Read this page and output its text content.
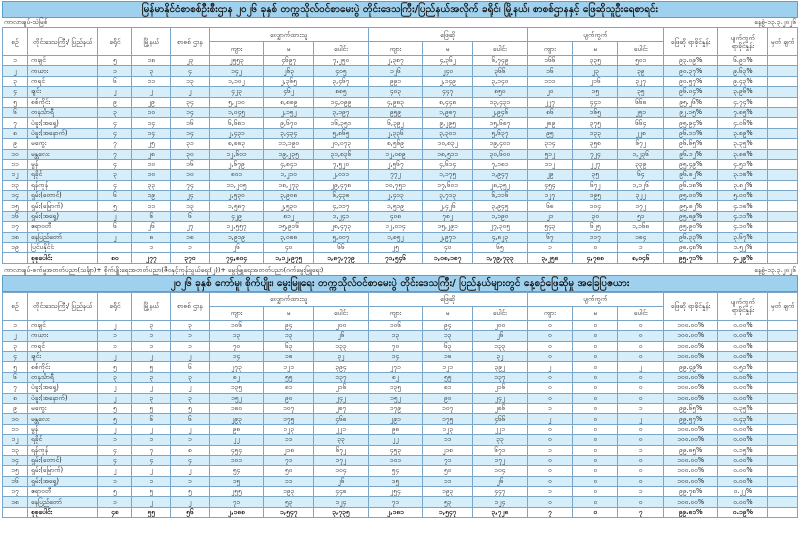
မြန်မာနိုင်ငံစာစစ်ဦးစီးဌာန ၂၀၂၆ ခုနှစ် တက္ကသိုလ်ဝင်စာမေးပွဲ တိုင်းဒေသကြီး/ပြည်နယ်အလိုက် ခရိုင်၊ မြို့နယ်၊ စာစစ်ဌာနနှင့် ဖြေဆိုသူဦးရေစာရင်း
ကာလာချပ်-သဲမြစ်	နေ့စွဲ-၁၃.၃.၂၀၂၆
စဉ်	တိုင်းဒေသကြီး/ ပြည်နယ်	ခရိုင်	မြို့နယ်	စာစစ် ဌာန	လျှောက်ထားသူ			ဖြေဆို			ပျက်ကွက်			ဖြေဆို ရာခိုင်နှုန်း	ပျက်ကွက် ရာခိုင်နှုန်း	မှတ် ချက်
					ကျား	မ	ပေါင်း	ကျား	မ	ပေါင်း	ကျား	မ	ပေါင်း			
၁	ကချင်	၅	၁၈	၂၃	၂၅၅၃	၄၆၉၇	၇,၂၅၀	၂,၃၈၇	၄,၃၆၂	၆,၇၄၉	၁၆၆	၃၃၅	၅၀၁	၉၃.၀၉%	၆.၉၁%	
၂	ကယား	၁	၃	၄	၁၄၂	၂၆၃	၄၀၅	၁၂၆	၂၄၀	၃၆၆	၁၆	၂၃	၃၉	၉၀.၃၇%	၉.၆၃%	
၃	ကရင်	၆	၁၁	၁၃	၁,၁၀၂	၂,၃၆၅	၃,၄၆၇	၉၉၁	၂,၁၄၉	၃,၁၄၀	၁၁၁	၂၁၆	၃၂၇	၉၀.၅၇%	၉.၄၃%	
၄	ချင်း	၂	၂	၂	၄၂၃	၄၆၂	၈၈၅	၄၀၃	၄၄၇	၈၅၀	၂၀	၁၅	၃၅	၉၆.၀၄%	၃.၉၆%	
၅	စစ်ကိုင်း	၉	၂၉	၃၄	၅,၂၁၀	၈,၈၈၉	၁၄,၀၉၉	၄,၉၈၃	၈,၄၄၈	၁၃,၄၃၁	၂၂၇	၄၄၁	၆၆၈	၉၅.၂၆%	၄.၇၄%	
၆	တနင်္သာရီ	၃	၁၀	၁၄	၁,၀၄၅	၂,၁၅၂	၃,၁၉၇	၉၅၉	၁,၉၈၇	၂,၉၄၆	၈၆	၁၆၅	၂၅၁	၉၂.၁၅%	၇.၈၅%	
၇	ပဲခူး(အရှေ့)	၄	၁၄	၁၆	၆,၆၈၁	၉,၆၇၀	၁၆,၃၅၁	၆,၃၉၂	၉,၂၉၅	၁၅,၆၈၇	၂၈၉	၃၇၅	၆၆၄	၉၅.၉၄%	၄.၀၆%	
၈	ပဲခူး(အနောက်)	၄	၁၄	၁၄	၂,၄၃၁	၃,၄၃၄	၅,၈၆၅	၂,၃၃၆	၃,၃၀၁	၅,၆၃၇	၉၅	၁၃၃	၂၂၈	၉၆.၁၁%	၃.၈၉%	
၉	မကွေး	၇	၂၅	၃၁	၈,၈၈၃	၁၁,၁၉၀	၂၀,၀၇၃	၈,၅၆၉	၁၀,၈၃၂	၁၉,၄၀၁	၃၁၄	၃၅၈	၆၇၂	၉၆.၆၅%	၃.၃၅%	
၁၀	မန္တလေး	၇	၂၈	၃၀	၁၂,၆၀၁	၁၉,၂၃၅	၃၁,၈၃၆	၁၂,၀၈၉	၁၈,၅၁၁	၃၀,၆၀၀	၅၁၂	၇၂၄	၁,၂၃၆	၉၆.၁၂%	၃.၈၈%	
၁၁	မွန်	၄	၁၀	၁၆	၂,၆၇၉	၄,၈၄၁	၇,၅၂၀	၂,၅၆၇	၄,၆၁၄	၇,၁၈၁	၁၁၂	၂၂၇	၃၃၉	၉၅.၄၉%	၄.၅၁%	
၁၂	ရခိုင်	၃	၁၀	၁၀	၈၀၁	၁,၂၁၀	၂,၀၁၁	၇၇၂	၁,၁၇၅	၁,၉၄၇	၂၉	၃၅	၆၄	၉၆.၈၂%	၃.၁၈%	
၁၃	ရန်ကုန်	၄	၃၃	၇၄	၁၁,၂၀၅	၁၈,၂၇၃	၂၉,၄၇၈	၁၀,၇၅၁	၁၇,၆၀၁	၂၈,၃၅၂	၄၅၄	၆၇၂	၁,၁၂၆	၉၆.၁၈%	၃.၈၂%	
၁၄	ရှမ်း(တောင်)	၆	၁၉	၂၄	၂,၅၃၀	၃,၉၀၈	၆,၄၃၈	၂,၄၀၃	၃,၇၁၃	၆,၁၁၆	၁၂၇	၁၉၅	၃၂၂	၉၅.၀၀%	၅.၀၀%	
၁၅	ရှမ်း(မြောက်)	၅	၁၁	၁၃	၁,၅၈၇	၂,၅၃၀	၄,၁၁၇	၁,၅၁၉	၂,၄၂၆	၃,၉၄၅	၆၈	၁၀၄	၁၇၂	၉၅.၈၂%	၄.၁၈%	
၁၆	ရှမ်း(အရှေ့)	၂	၆	၆	၄၂၉	၈၁၂	၁,၂၄၁	၄၀၈	၇၈၂	၁,၁၉၀	၂၁	၃၀	၅၁	၉၅.၈၉%	၄.၁၁%	
၁၇	ဧရာဝတီ	၆	၂၆	၂၇	၁၂,၅၅၇	၁၅,၉၁၆	၂၈,၄၇၃	၁၂,၀၁၄	၁၅,၂၉၁	၂၇,၃၀၅	၅၄၃	၆၂၅	၁,၁၆၈	၉၅.၉၀%	၄.၁၀%	
၁၈	နေပြည်တော်	၂	၈	၁၈	၁,၉၁၉	၃,၀၈၈	၅,၀၀၇	၁,၈၅၂	၂,၉၇၁	၄,၈၂၃	၆၇	၁၁၇	၁၈၄	၉၆.၃၃%	၃.၆၇%	
၁၉	ပြင်ပနိုင်ငံ		၁	၁	၂၆	၄၀	၆၆	၂၅	၄၀	၆၅	၁	၀	၁	၉၈.၄၈%	၁.၅၂%	
	စုစုပေါင်း	၈၀	၂၇၇	၃၇၀	၇၄,၈၀၄	၁,၁၂,၉၇၅	၁,၈၇,၇၇၉	၇၁,၅၄၆	၁,၀၈,၁၈၇	၁,၇၉,၇၃၃	၃,၂၅၈	၄,၇၈၈	၈,၀၄၆	၉၅.၇၁%	၄.၂၉%	
ကာလာချပ်-စက်မှုအတတ်ပညာ(သင်္ချာ)+ စိုက်ပျိုးရေးအတတ်ပညာ(ဇီဝနှင့်ကုန်သွယ်ရေး(၂))+ မွေးမြူရေးအတတ်ပညာ(ဂက်မွေးမြူရေး)	နေ့စွဲ-၁၃.၃.၂၀၂၆
၂၀၂၆ ခုနှစ် ကော်မူ၊ စိုက်ပျိုး၊ မွေးမြူရေး တက္ကသိုလ်ဝင်စာမေးပွဲ တိုင်းဒေသကြီး/ ပြည်နယ်များတွင် နေ့စဉ်ဖြေဆိုမှု အခြေပြဇယား
စဉ်	တိုင်းဒေသကြီး/ ပြည်နယ်	ခရိုင်	မြို့နယ်	စာစစ် ဌာန	လျှောက်ထားသူ			ဖြေဆို			ပျက်ကွက်			ဖြေဆို ရာခိုင်နှုန်း	ပျက်ကွက် ရာခိုင်နှုန်း	မှတ် ချက်
					ကျား	မ	ပေါင်း	ကျား	မ	ပေါင်း	ကျား	မ	ပေါင်း			
၁	ကချင်	၂	၃	၃	၁၀၆	၉၄	၂၀၀	၁၀၆	၉၄	၂၀၀	၀	၀	၀	၁၀၀.၀၀%	၀.၀၀%	
၂	ကယား	၁	၁	၁	၁၃	၁၃	၂၆	၁၃	၁၃	၂၆	၀	၀	၀	၁၀၀.၀၀%	၀.၀၀%	
၃	ကရင်	၁	၁	၁	၇၀	၆၃	၁၃၃	၇၀	၆၃	၁၃၃	၀	၀	၀	၁၀၀.၀၀%	၀.၀၀%	
၄	ချင်း	၂	၂	၂	၁၄	၁၈	၃၂	၁၄	၁၈	၃၂	၀	၀	၀	၁၀၀.၀၀%	၀.၀၀%	
၅	စစ်ကိုင်း	၅	၅	၆	၂၇၃	၁၂၁	၃၉၄	၂၇၁	၁၂၁	၃၉၂	၂	၀	၂	၉၉.၄၉%	၀.၅၁%	
၆	တနင်္သာရီ	၃	၃	၃	၈၂	၅၅	၁၃၇	၈၂	၅၅	၁၃၇	၀	၀	၀	၁၀၀.၀၀%	၀.၀၀%	
၇	ပဲခူး(အရှေ့)	၂	၂	၂	၁၃၅	၈၁	၂၁၆	၁၃၅	၈၁	၂၁၆	၀	၀	၀	၁၀၀.၀၀%	၀.၀၀%	
၈	ပဲခူး(အနောက်)	၂	၃	၃	၁၅၂	၉၀	၂၄၂	၁၅၂	၉၀	၂၄၂	၀	၀	၀	၁၀၀.၀၀%	၀.၀၀%	
၉	မကွေး	၅	၅	၅	၁၈၀	၁၀၇	၂၈၇	၁၇၉	၁၀၇	၂၈၆	၁	၀	၁	၉၉.၆၅%	၀.၃၅%	
၁၀	မန္တလေး	၅	၆	၆	၂၉၃	၁၇၅	၄၆၈	၂၉၁	၁၇၅	၄၆၆	၂	၀	၂	၉၉.၅၇%	၀.၄၃%	
၁၁	မွန်	၂	၂	၂	၉၈	၁၂၃	၂၂၁	၉၈	၁၂၃	၂၂၁	၀	၀	၀	၁၀၀.၀၀%	၀.၀၀%	
၁၂	ရခိုင်	၁	၁	၁	၂၂	၁၁	၃၃	၂၂	၁၁	၃၃	၀	၀	၀	၁၀၀.၀၀%	၀.၀၀%	
၁၃	ရန်ကုန်	၄	၇	၈	၄၅၄	၂၁၈	၆၇၂	၄၅၃	၂၁၈	၆၇၁	၁	၀	၁	၉၉.၈၅%	၀.၁၅%	
၁၄	ရှမ်း(တောင်)	၄	၄	၄	၁၀၁	၇၁	၁၇၂	၁၀၁	၇၁	၁၇၂	၀	၀	၀	၁၀၀.၀၀%	၀.၀၀%	
၁၅	ရှမ်း(မြောက်)	၂	၂	၂	၅၄	၅၀	၁၀၄	၅၄	၅၀	၁၀၄	၀	၀	၀	၁၀၀.၀၀%	၀.၀၀%	
၁၆	ရှမ်း(အရှေ့)	၁	၁	၁	၁၅	၁၁	၂၆	၁၅	၁၁	၂၆	၀	၀	၀	၁၀၀.၀၀%	၀.၀၀%	
၁၇	ဧရာဝတီ	၅	၅	၅	၂၅၅	၁၉၃	၄၄၈	၂၅၄	၁၉၃	၄၄၇	၁	၀	၁	၉၉.၇၈%	၀.၂၂%	
၁၈	နေပြည်တော်	၁	၂	၂	၇၁	၅၃	၁၂၄	၇၁	၅၃	၁၂၄	၀	၀	၀	၁၀၀.၀၀%	၀.၀၀%	
	စုစုပေါင်း	၄၈	၅၅	၅၆	၂,၁၈၈	၁,၅၄၇	၃,၇၃၅	၂,၁၈၁	၁,၅၄၇	၃,၇၂၈	၇	၀	၇	၉၉.၈၁%	၀.၁၉%	
